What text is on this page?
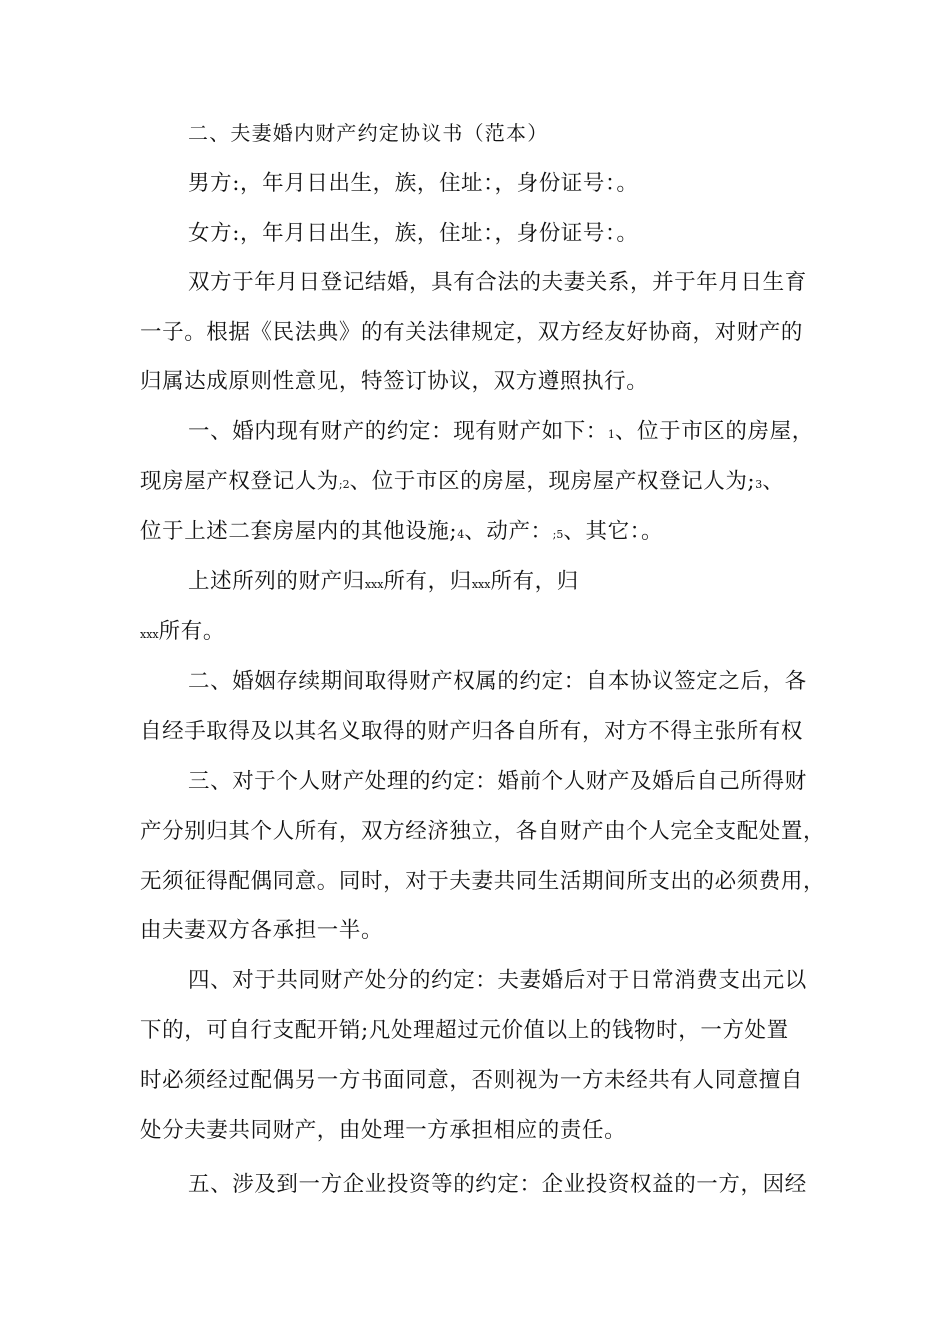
二、夫妻婚内财产约定协议书（范本）
男方:，年月日出生，族，住址：，身份证号：。
女方:，年月日出生，族，住址：，身份证号：。
双方于年月日登记结婚，具有合法的夫妻关系，并于年月日生育
一子。根据《民法典》的有关法律规定，双方经友好协商，对财产的
归属达成原则性意见，特签订协议，双方遵照执行。
一、婚内现有财产的约定：现有财产如下：1、位于市区的房屋，
现房屋产权登记人为;2、位于市区的房屋，现房屋产权登记人为;3、
位于上述二套房屋内的其他设施;4、动产：;5、其它：。
上述所列的财产归xxx所有，归xxx所有，归
xxx所有。
二、婚姻存续期间取得财产权属的约定：自本协议签定之后，各
自经手取得及以其名义取得的财产归各自所有，对方不得主张所有权
三、对于个人财产处理的约定：婚前个人财产及婚后自己所得财
产分别归其个人所有，双方经济独立，各自财产由个人完全支配处置，
无须征得配偶同意。同时，对于夫妻共同生活期间所支出的必须费用，
由夫妻双方各承担一半。
四、对于共同财产处分的约定：夫妻婚后对于日常消费支出元以
下的，可自行支配开销;凡处理超过元价值以上的钱物时，一方处置
时必须经过配偶另一方书面同意，否则视为一方未经共有人同意擅自
处分夫妻共同财产，由处理一方承担相应的责任。
五、涉及到一方企业投资等的约定：企业投资权益的一方，因经
